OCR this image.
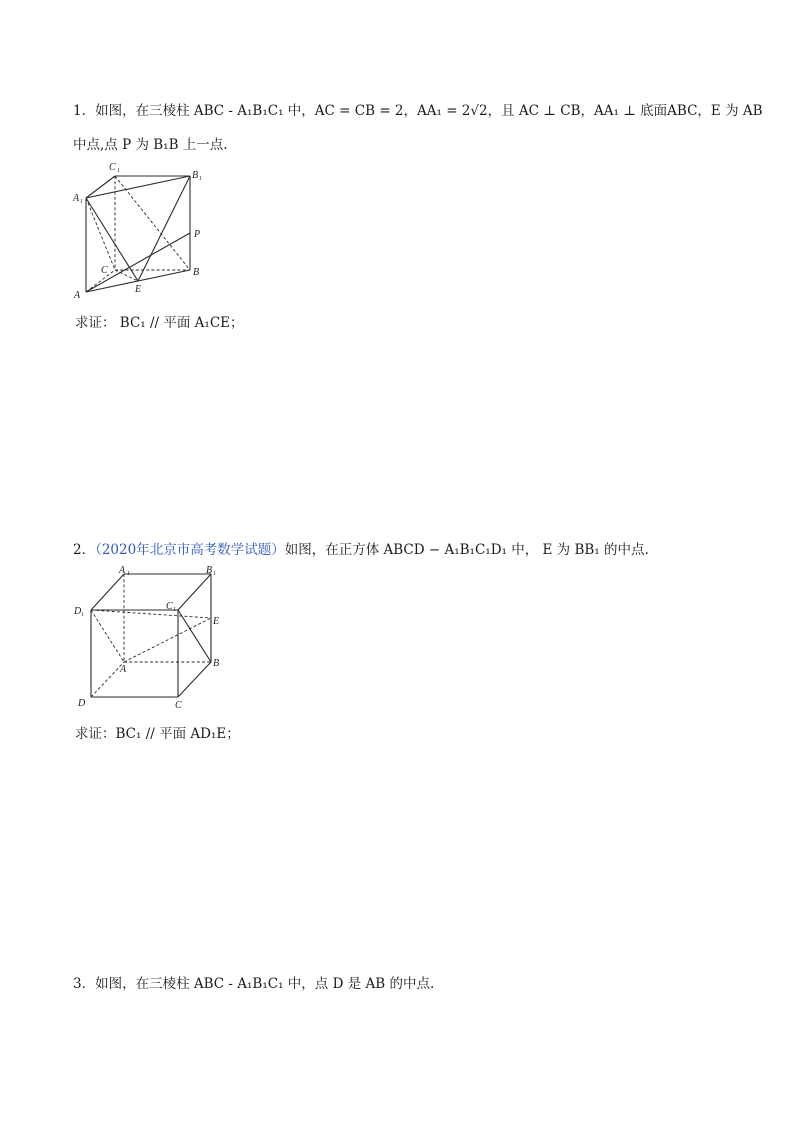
1．如图，在三棱柱 ABC - A₁B₁C₁ 中，AC = CB = 2，AA₁ = 2√2，且 AC ⊥ CB，AA₁ ⊥ 底面ABC，E 为 AB
中点,点 P 为 B₁B 上一点.
C 1	B 1
A 1
P
C	B
A
E
求证： BC₁ // 平面 A₁CE；
2．（2020年北京市高考数学试题）如图，在正方体 ABCD − A₁B₁C₁D₁ 中， E 为 BB₁ 的中点.
A 1	B 1
D 1
C 1
E
A
B
D	C
求证：BC₁ // 平面 AD₁E；
3．如图，在三棱柱 ABC - A₁B₁C₁ 中，点 D 是 AB 的中点.
